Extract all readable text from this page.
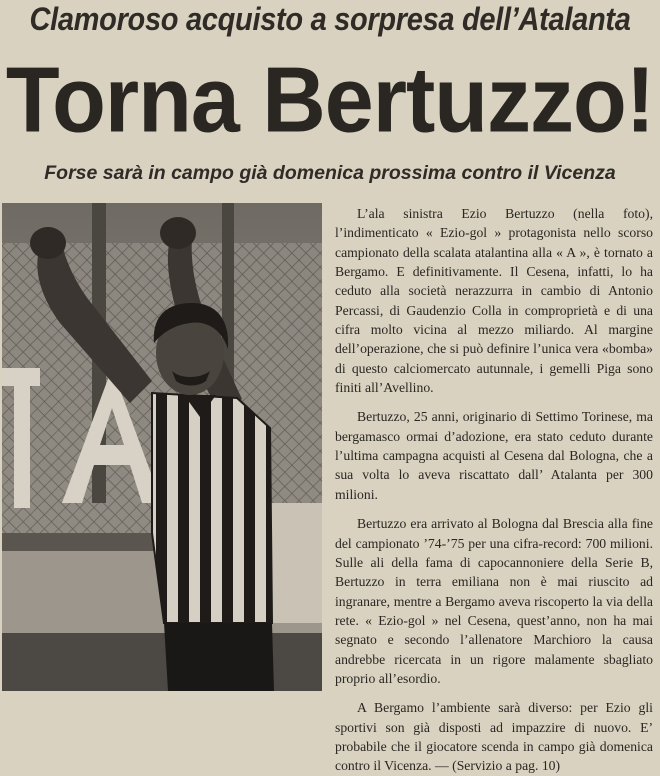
Clamoroso acquisto a sorpresa dell’Atalanta
Torna Bertuzzo!
Forse sarà in campo già domenica prossima contro il Vicenza

L’ala sinistra Ezio Bertuzzo (nella foto), l’indimenticato « Ezio-gol » protagonista nello scorso campionato della scalata atalantina alla « A », è tornato a Bergamo. E definitivamente. Il Cesena, infatti, lo ha ceduto alla società nerazzurra in cambio di Antonio Percassi, di Gaudenzio Colla in comproprietà e di una cifra molto vicina al mezzo miliardo. Al margine dell’operazione, che si può definire l’unica vera «bomba» di questo calciomercato autunnale, i gemelli Piga sono finiti all’Avellino.

Bertuzzo, 25 anni, originario di Settimo Torinese, ma bergamasco ormai d’adozione, era stato ceduto durante l’ultima campagna acquisti al Cesena dal Bologna, che a sua volta lo aveva riscattato dall’ Atalanta per 300 milioni.

Bertuzzo era arrivato al Bologna dal Brescia alla fine del campionato ’74-’75 per una cifra-record: 700 milioni. Sulle ali della fama di capocannoniere della Serie B, Bertuzzo in terra emiliana non è mai riuscito ad ingranare, mentre a Bergamo aveva riscoperto la via della rete. « Ezio-gol » nel Cesena, quest’anno, non ha mai segnato e secondo l’allenatore Marchioro la causa andrebbe ricercata in un rigore malamente sbagliato proprio all’esordio.

A Bergamo l’ambiente sarà diverso: per Ezio gli sportivi son già disposti ad impazzire di nuovo. E’ probabile che il giocatore scenda in campo già domenica contro il Vicenza. — (Servizio a pag. 10)
